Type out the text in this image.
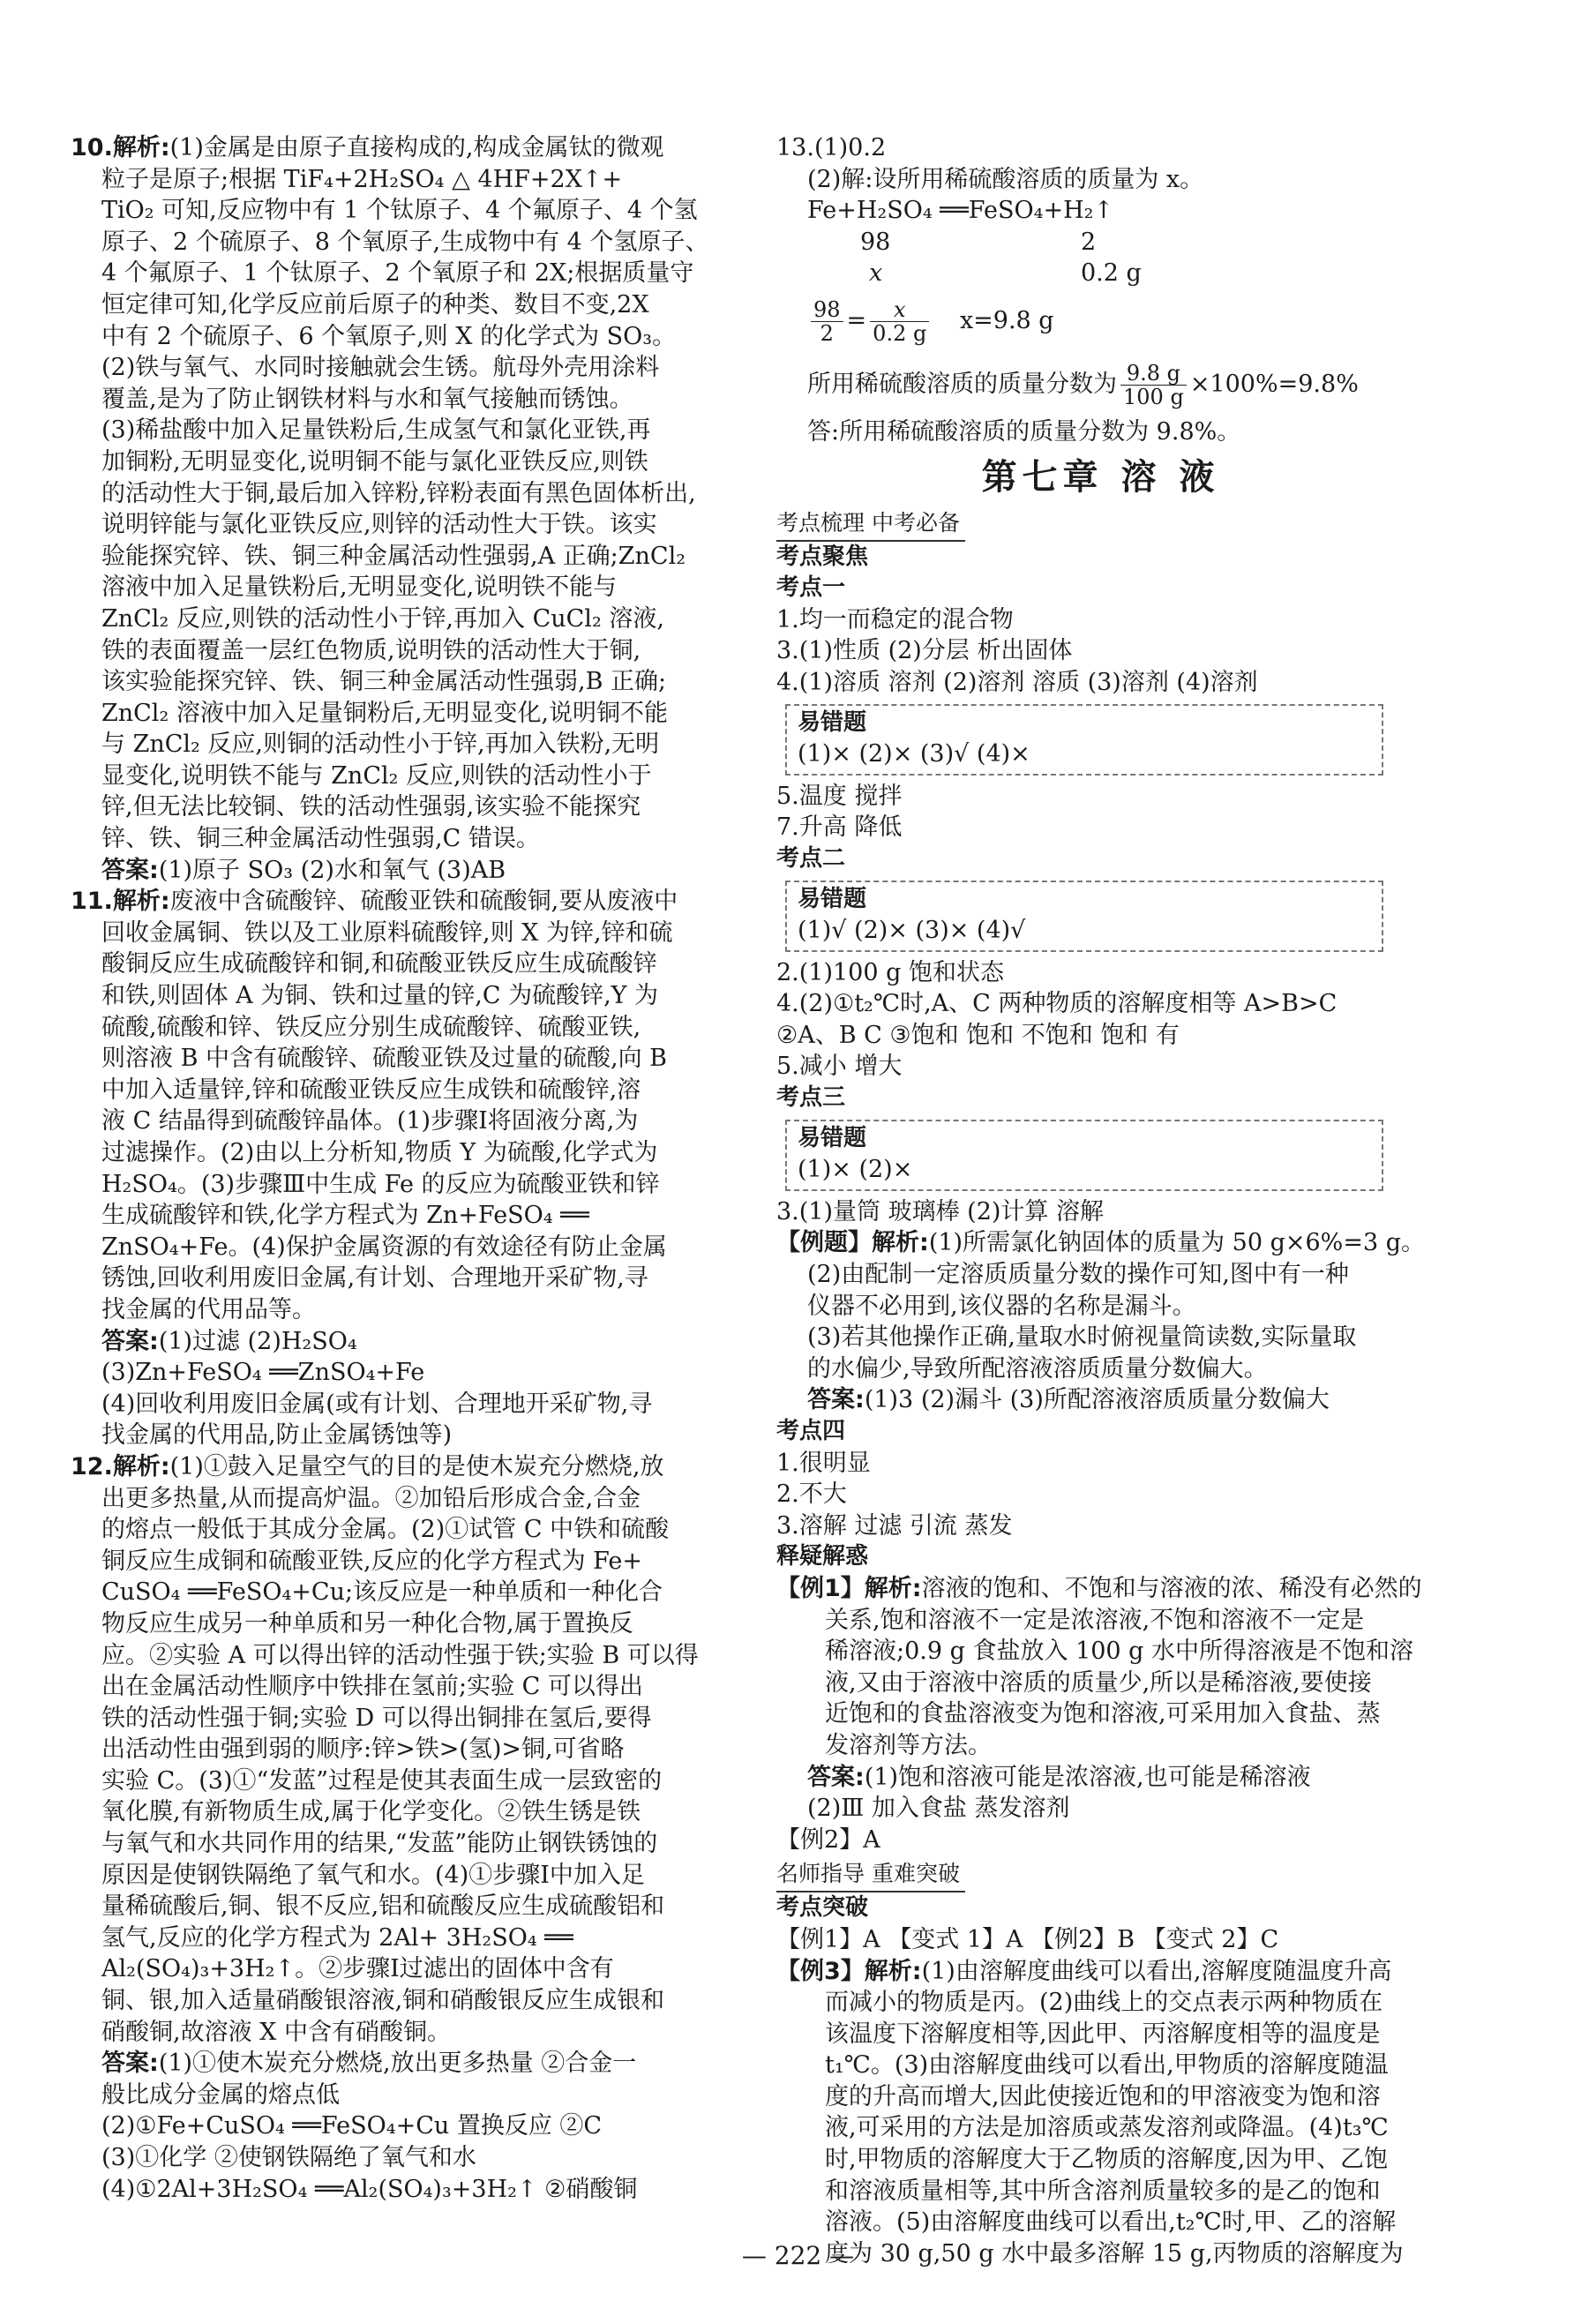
10.解析:(1)金属是由原子直接构成的,构成金属钛的微观
粒子是原子;根据 TiF₄+2H₂SO₄ △ 4HF+2X↑+
TiO₂ 可知,反应物中有 1 个钛原子、4 个氟原子、4 个氢
原子、2 个硫原子、8 个氧原子,生成物中有 4 个氢原子、
4 个氟原子、1 个钛原子、2 个氧原子和 2X;根据质量守
恒定律可知,化学反应前后原子的种类、数目不变,2X
中有 2 个硫原子、6 个氧原子,则 X 的化学式为 SO₃。
(2)铁与氧气、水同时接触就会生锈。航母外壳用涂料
覆盖,是为了防止钢铁材料与水和氧气接触而锈蚀。
(3)稀盐酸中加入足量铁粉后,生成氢气和氯化亚铁,再
加铜粉,无明显变化,说明铜不能与氯化亚铁反应,则铁
的活动性大于铜,最后加入锌粉,锌粉表面有黑色固体析出,
说明锌能与氯化亚铁反应,则锌的活动性大于铁。该实
验能探究锌、铁、铜三种金属活动性强弱,A 正确;ZnCl₂
溶液中加入足量铁粉后,无明显变化,说明铁不能与
ZnCl₂ 反应,则铁的活动性小于锌,再加入 CuCl₂ 溶液,
铁的表面覆盖一层红色物质,说明铁的活动性大于铜,
该实验能探究锌、铁、铜三种金属活动性强弱,B 正确;
ZnCl₂ 溶液中加入足量铜粉后,无明显变化,说明铜不能
与 ZnCl₂ 反应,则铜的活动性小于锌,再加入铁粉,无明
显变化,说明铁不能与 ZnCl₂ 反应,则铁的活动性小于
锌,但无法比较铜、铁的活动性强弱,该实验不能探究
锌、铁、铜三种金属活动性强弱,C 错误。
答案:(1)原子 SO₃ (2)水和氧气 (3)AB
11.解析:废液中含硫酸锌、硫酸亚铁和硫酸铜,要从废液中
回收金属铜、铁以及工业原料硫酸锌,则 X 为锌,锌和硫
酸铜反应生成硫酸锌和铜,和硫酸亚铁反应生成硫酸锌
和铁,则固体 A 为铜、铁和过量的锌,C 为硫酸锌,Y 为
硫酸,硫酸和锌、铁反应分别生成硫酸锌、硫酸亚铁,
则溶液 B 中含有硫酸锌、硫酸亚铁及过量的硫酸,向 B
中加入适量锌,锌和硫酸亚铁反应生成铁和硫酸锌,溶
液 C 结晶得到硫酸锌晶体。(1)步骤Ⅰ将固液分离,为
过滤操作。(2)由以上分析知,物质 Y 为硫酸,化学式为
H₂SO₄。(3)步骤Ⅲ中生成 Fe 的反应为硫酸亚铁和锌
生成硫酸锌和铁,化学方程式为 Zn+FeSO₄ ══
ZnSO₄+Fe。(4)保护金属资源的有效途径有防止金属
锈蚀,回收利用废旧金属,有计划、合理地开采矿物,寻
找金属的代用品等。
答案:(1)过滤 (2)H₂SO₄
(3)Zn+FeSO₄ ══ZnSO₄+Fe
(4)回收利用废旧金属(或有计划、合理地开采矿物,寻
找金属的代用品,防止金属锈蚀等)
12.解析:(1)①鼓入足量空气的目的是使木炭充分燃烧,放
出更多热量,从而提高炉温。②加铅后形成合金,合金
的熔点一般低于其成分金属。(2)①试管 C 中铁和硫酸
铜反应生成铜和硫酸亚铁,反应的化学方程式为 Fe+
CuSO₄ ══FeSO₄+Cu;该反应是一种单质和一种化合
物反应生成另一种单质和另一种化合物,属于置换反
应。②实验 A 可以得出锌的活动性强于铁;实验 B 可以得
出在金属活动性顺序中铁排在氢前;实验 C 可以得出
铁的活动性强于铜;实验 D 可以得出铜排在氢后,要得
出活动性由强到弱的顺序:锌>铁>(氢)>铜,可省略
实验 C。(3)①“发蓝”过程是使其表面生成一层致密的
氧化膜,有新物质生成,属于化学变化。②铁生锈是铁
与氧气和水共同作用的结果,“发蓝”能防止钢铁锈蚀的
原因是使钢铁隔绝了氧气和水。(4)①步骤Ⅰ中加入足
量稀硫酸后,铜、银不反应,铝和硫酸反应生成硫酸铝和
氢气,反应的化学方程式为 2Al+ 3H₂SO₄ ══
Al₂(SO₄)₃+3H₂↑。②步骤Ⅰ过滤出的固体中含有
铜、银,加入适量硝酸银溶液,铜和硝酸银反应生成银和
硝酸铜,故溶液 X 中含有硝酸铜。
答案:(1)①使木炭充分燃烧,放出更多热量 ②合金一
般比成分金属的熔点低
(2)①Fe+CuSO₄ ══FeSO₄+Cu 置换反应 ②C
(3)①化学 ②使钢铁隔绝了氧气和水
(4)①2Al+3H₂SO₄ ══Al₂(SO₄)₃+3H₂↑ ②硝酸铜
13.(1)0.2
(2)解:设所用稀硫酸溶质的质量为 x。
Fe+H₂SO₄ ══FeSO₄+H₂↑
98	2
x	0.2 g
$\frac{98}{2} = \frac{x}{0.2 g} x=9.8$ g
所用稀硫酸溶质的质量分数为 $\frac{9.8 g}{100 g} \times 100\%=9.8\%$
答:所用稀硫酸溶质的质量分数为 9.8%。
第七章 溶 液
考点梳理 中考必备
考点聚焦
考点一
1.均一而稳定的混合物
3.(1)性质 (2)分层 析出固体
4.(1)溶质 溶剂 (2)溶剂 溶质 (3)溶剂 (4)溶剂
易错题
(1)× (2)× (3)√ (4)×
5.温度 搅拌
7.升高 降低
考点二
易错题
(1)√ (2)× (3)× (4)√
2.(1)100 g 饱和状态
4.(2)①t₂℃时,A、C 两种物质的溶解度相等 A>B>C
②A、B C ③饱和 饱和 不饱和 饱和 有
5.减小 增大
考点三
易错题
(1)× (2)×
3.(1)量筒 玻璃棒 (2)计算 溶解
【例题】解析:(1)所需氯化钠固体的质量为 50 g×6%=3 g。
(2)由配制一定溶质质量分数的操作可知,图中有一种
仪器不必用到,该仪器的名称是漏斗。
(3)若其他操作正确,量取水时俯视量筒读数,实际量取
的水偏少,导致所配溶液溶质质量分数偏大。
答案:(1)3 (2)漏斗 (3)所配溶液溶质质量分数偏大
考点四
1.很明显
2.不大
3.溶解 过滤 引流 蒸发
释疑解惑
【例1】解析:溶液的饱和、不饱和与溶液的浓、稀没有必然的
关系,饱和溶液不一定是浓溶液,不饱和溶液不一定是
稀溶液;0.9 g 食盐放入 100 g 水中所得溶液是不饱和溶
液,又由于溶液中溶质的质量少,所以是稀溶液,要使接
近饱和的食盐溶液变为饱和溶液,可采用加入食盐、蒸
发溶剂等方法。
答案:(1)饱和溶液可能是浓溶液,也可能是稀溶液
(2)Ⅲ 加入食盐 蒸发溶剂
【例2】A
名师指导 重难突破
考点突破
【例1】A 【变式 1】A 【例2】B 【变式 2】C
【例3】解析:(1)由溶解度曲线可以看出,溶解度随温度升高
而减小的物质是丙。(2)曲线上的交点表示两种物质在
该温度下溶解度相等,因此甲、丙溶解度相等的温度是
t₁℃。(3)由溶解度曲线可以看出,甲物质的溶解度随温
度的升高而增大,因此使接近饱和的甲溶液变为饱和溶
液,可采用的方法是加溶质或蒸发溶剂或降温。(4)t₃℃
时,甲物质的溶解度大于乙物质的溶解度,因为甲、乙饱
和溶液质量相等,其中所含溶剂质量较多的是乙的饱和
溶液。(5)由溶解度曲线可以看出,t₂℃时,甲、乙的溶解
度为 30 g,50 g 水中最多溶解 15 g,丙物质的溶解度为
— 222 —
